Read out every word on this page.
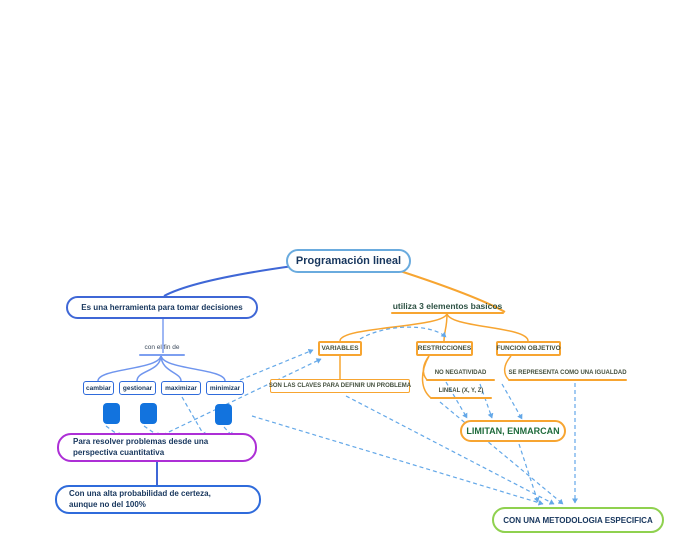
Programación lineal
Es una herramienta para tomar decisiones
con el fin de
cambiar gestionar maximizar minimizar
Para resolver problemas desde una
perspectiva cuantitativa
Con una alta probabilidad de certeza,
aunque no del 100%
utiliza 3 elementos basicos
VARIABLES	RESTRICCIONES	FUNCION OBJETIVO
SON LAS CLAVES PARA DEFINIR UN PROBLEMA
NO NEGATIVIDAD
LINEAL (X, Y, Z)
SE REPRESENTA COMO UNA IGUALDAD
LIMITAN, ENMARCAN
CON UNA METODOLOGIA ESPECIFICA
